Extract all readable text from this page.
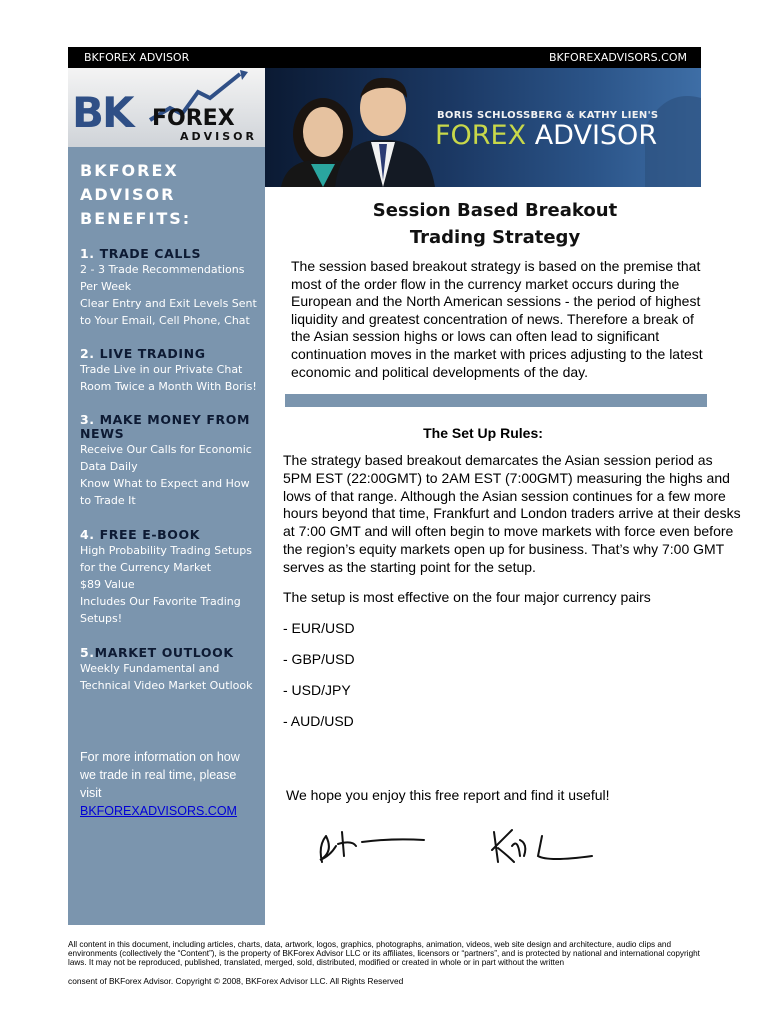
BKFOREX ADVISOR	BKFOREXADVISORS.COM
BK FOREX
ADVISOR
BORIS SCHLOSSBERG & KATHY LIEN'S
FOREX ADVISOR
BKFOREX
ADVISOR
BENEFITS:
1. TRADE CALLS
2 - 3 Trade Recommendations
Per Week
Clear Entry and Exit Levels Sent
to Your Email, Cell Phone, Chat
2. LIVE TRADING
Trade Live in our Private Chat
Room Twice a Month With Boris!
3. MAKE MONEY FROM
NEWS
Receive Our Calls for Economic
Data Daily
Know What to Expect and How
to Trade It
4. FREE E-BOOK
High Probability Trading Setups
for the Currency Market
$89 Value
Includes Our Favorite Trading
Setups!
5.MARKET OUTLOOK
Weekly Fundamental and
Technical Video Market Outlook
For more information on how we trade in real time, please visit
BKFOREXADVISORS.COM
Session Based Breakout
Trading Strategy

The session based breakout strategy is based on the premise that most of the order flow in the currency market occurs during the European and the North American sessions - the period of highest liquidity and greatest concentration of news. Therefore a break of the Asian session highs or lows can often lead to significant continuation moves in the market with prices adjusting to the latest economic and political developments of the day.

The Set Up Rules:

The strategy based breakout demarcates the Asian session period as 5PM EST (22:00GMT) to 2AM EST (7:00GMT) measuring the highs and lows of that range. Although the Asian session continues for a few more hours beyond that time, Frankfurt and London traders arrive at their desks at 7:00 GMT and will often begin to move markets with force even before the region’s equity markets open up for business. That’s why 7:00 GMT serves as the starting point for the setup.

The setup is most effective on the four major currency pairs
- EUR/USD
- GBP/USD
- USD/JPY
- AUD/USD
We hope you enjoy this free report and find it useful!

All content in this document, including articles, charts, data, artwork, logos, graphics, photographs, animation, videos, web site design and architecture, audio clips and environments (collectively the “Content”), is the property of BKForex Advisor LLC or its affiliates, licensors or “partners”, and is protected by national and international copyright laws. It may not be reproduced, published, translated, merged, sold, distributed, modified or created in whole or in part without the written

consent of BKForex Advisor. Copyright © 2008, BKForex Advisor LLC. All Rights Reserved
